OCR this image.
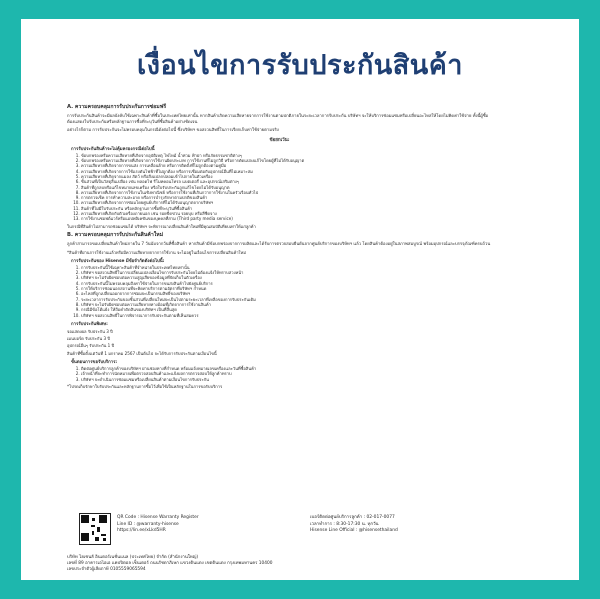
เงื่อนไขการรับประกันสินค้า
A. ความครอบคลุมการรับประกันการซ่อมฟรี
การรับประกันสินค้าจะมีผลบังคับใช้เฉพาะสินค้าที่ซื้อในประเทศไทยเท่านั้น หากสินค้าเกิดความเสียหายจากการใช้งานตามปกติภายในระยะเวลาการรับประกัน บริษัทฯ จะให้บริการซ่อมแซมหรือเปลี่ยนอะไหล่ให้โดยไม่คิดค่าใช้จ่าย ทั้งนี้ผู้ซื้อต้องแสดงใบรับประกันหรือหลักฐานการซื้อที่ระบุวันที่ซื้อสินค้าอย่างชัดเจน
อย่างไรก็ตาม การรับประกันจะไม่ครอบคลุมในกรณีดังต่อไปนี้ ซึ่งบริษัทฯ ขอสงวนสิทธิ์ในการเรียกเก็บค่าใช้จ่ายตามจริง
ข้อยกเว้น:
การรับประกันสินค้าจะไม่คุ้มครองกรณีต่อไปนี้
1. ข้อบกพร่องหรือความเสียหายที่เกิดจากอุบัติเหตุ ไฟไหม้ น้ำท่วม ฟ้าผ่า หรือภัยธรรมชาติต่างๆ
2. ข้อบกพร่องหรือความเสียหายที่เกิดจากการใช้งานผิดประเภท การใช้งานที่ไม่ถูกวิธี หรือการดัดแปลงแก้ไขโดยผู้ที่ไม่ได้รับอนุญาต
3. ความเสียหายที่เกิดจากการขนส่ง การเคลื่อนย้าย หรือการติดตั้งที่ไม่ถูกต้องตามคู่มือ
4. ความเสียหายที่เกิดจากการใช้แรงดันไฟฟ้าที่ไม่ถูกต้อง หรือการเชื่อมต่อกับอุปกรณ์อื่นที่ไม่เหมาะสม
5. ความเสียหายที่เกิดจากแมลง สัตว์ หรือสิ่งแปลกปลอมเข้าไปภายในตัวเครื่อง
6. ชิ้นส่วนที่เป็นวัสดุสิ้นเปลือง เช่น หลอดไฟ รีโมทคอนโทรล แบตเตอรี่ และอุปกรณ์เสริมต่างๆ
7. สินค้าที่ถูกลบหรือแก้ไขหมายเลขเครื่อง หรือใบรับประกันถูกแก้ไขโดยไม่ได้รับอนุญาต
8. ความเสียหายที่เกิดจากการใช้งานในเชิงพาณิชย์ หรือการใช้งานที่เกินกว่าการใช้งานในครัวเรือนทั่วไป
9. การตรวจเช็ค การทำความสะอาด หรือการบำรุงรักษาตามปกติของสินค้า
10. ความเสียหายที่เกิดจากการซ่อมโดยศูนย์บริการที่ไม่ได้รับอนุญาตจากบริษัทฯ
11. สินค้าที่ไม่มีใบรับประกัน หรือหลักฐานการซื้อที่ระบุวันที่ซื้อสินค้า
12. ความเสียหายที่เกิดกับตัวเครื่องภายนอก เช่น รอยขีดข่วน รอยบุบ หรือสีซีดจาง
13. การใช้งานซอฟต์แวร์หรือแอปพลิเคชันของบุคคลที่สาม (Third party media service)
ในกรณีที่สินค้าไม่สามารถซ่อมแซมได้ บริษัทฯ จะพิจารณาเปลี่ยนสินค้าใหม่ที่มีคุณสมบัติเทียบเท่าให้แก่ลูกค้า
B. ความครอบคลุมการรับประกันสินค้าใหม่
ลูกค้าสามารถขอเปลี่ยนสินค้าใหม่ภายใน 7 วันนับจากวันที่ซื้อสินค้า หากสินค้ามีข้อบกพร่องจากการผลิตและได้รับการตรวจสอบยืนยันจากศูนย์บริการของบริษัทฯ แล้ว โดยสินค้าต้องอยู่ในสภาพสมบูรณ์ พร้อมอุปกรณ์และบรรจุภัณฑ์ครบถ้วน
*สินค้าที่ผ่านการใช้งานแล้วหรือมีความเสียหายจากการใช้งาน จะไม่อยู่ในเงื่อนไขการเปลี่ยนสินค้าใหม่
การรับประกันของ Hisense มีข้อจำกัดดังต่อไปนี้:
1. การรับประกันนี้ใช้เฉพาะสินค้าที่จำหน่ายในประเทศไทยเท่านั้น
2. บริษัทฯ ขอสงวนสิทธิ์ในการเปลี่ยนแปลงเงื่อนไขการรับประกันโดยไม่ต้องแจ้งให้ทราบล่วงหน้า
3. บริษัทฯ จะไม่รับผิดชอบต่อความสูญเสียของข้อมูลที่จัดเก็บในตัวเครื่อง
4. การรับประกันนี้ไม่ครอบคลุมถึงค่าใช้จ่ายในการขนส่งสินค้าไปยังศูนย์บริการ
5. การให้บริการซ่อมนอกสถานที่จะคิดค่าบริการตามอัตราที่บริษัทฯ กำหนด
6. อะไหล่ที่ถูกเปลี่ยนออกจากการซ่อมจะเป็นกรรมสิทธิ์ของบริษัทฯ
7. ระยะเวลาการรับประกันของชิ้นส่วนที่เปลี่ยนใหม่จะเป็นไปตามระยะเวลาที่เหลือของการรับประกันเดิม
8. บริษัทฯ จะไม่รับผิดชอบต่อความเสียหายทางอ้อมที่เกิดจากการใช้งานสินค้า
9. กรณีมีข้อโต้แย้ง ให้ถือคำตัดสินของบริษัทฯ เป็นที่สิ้นสุด
10. บริษัทฯ ขอสงวนสิทธิ์ในการพิจารณาการรับประกันตามที่เห็นสมควร
การรับประกันพิเศษ:
จอแสดงผล รับประกัน 3 ปี
เมนบอร์ด รับประกัน 3 ปี
อุปกรณ์อื่นๆ รับประกัน 1 ปี
สินค้าที่ซื้อตั้งแต่วันที่ 1 มกราคม 2567 เป็นต้นไป จะได้รับการรับประกันตามเงื่อนไขนี้
ขั้นตอนการขอรับบริการ:
1. ติดต่อศูนย์บริการลูกค้าของบริษัทฯ ผ่านช่องทางที่กำหนด พร้อมแจ้งหมายเลขเครื่องและวันที่ซื้อสินค้า
2. เจ้าหน้าที่จะทำการนัดหมายเพื่อตรวจสอบสินค้าและแจ้งผลการตรวจสอบให้ลูกค้าทราบ
3. บริษัทฯ จะดำเนินการซ่อมแซมหรือเปลี่ยนสินค้าตามเงื่อนไขการรับประกัน
*โปรดเก็บรักษาใบรับประกันและหลักฐานการซื้อไว้เพื่อใช้เป็นหลักฐานในการขอรับบริการ
QR Code : Hisense Warranty Register
Line ID : @warranty-hisense
https://lin.ee/xLkd5HR
เบอร์ติดต่อศูนย์บริการลูกค้า : 02-017-0077
เวลาทำการ : 8:30-17:30 น. ทุกวัน
Hisense Line Official : @hisensethailand
บริษัท ไฮเซนส์ อินเตอร์เนชั่นแนล (ประเทศไทย) จำกัด (สำนักงานใหญ่)
เลขที่ 89 อาคารเอไอเอ แคปปิตอล เซ็นเตอร์ ถนนรัชดาภิเษก แขวงดินแดง เขตดินแดง กรุงเทพมหานคร 10400
เลขประจำตัวผู้เสียภาษี 0105559065594
